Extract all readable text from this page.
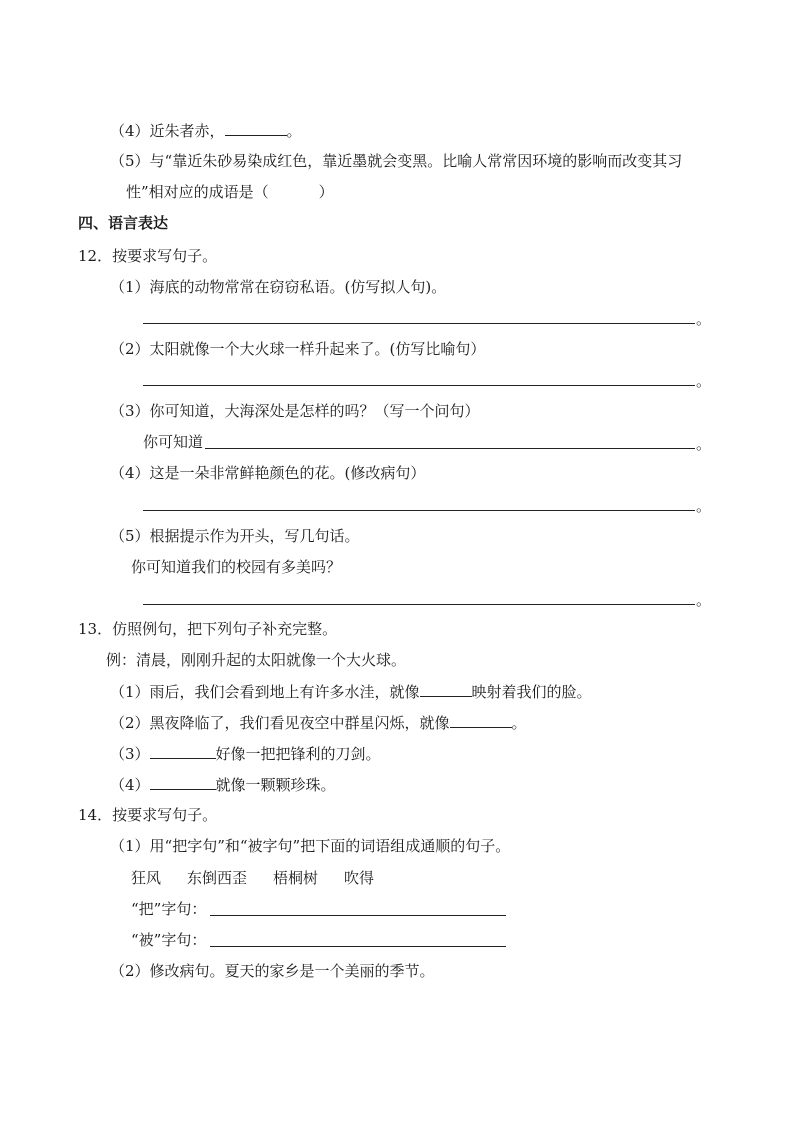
（4）近朱者赤，	。
（5）与“靠近朱砂易染成红色，靠近墨就会变黑。比喻人常常因环境的影响而改变其习
性”相对应的成语是（	）
四、语言表达
12．按要求写句子。
（1）海底的动物常常在窃窃私语。(仿写拟人句)。
。
（2）太阳就像一个大火球一样升起来了。(仿写比喻句）
。
（3）你可知道，大海深处是怎样的吗？（写一个问句）
你可知道	。
（4）这是一朵非常鲜艳颜色的花。(修改病句）
。
（5）根据提示作为开头，写几句话。
你可知道我们的校园有多美吗？
。
13．仿照例句，把下列句子补充完整。
例：清晨，刚刚升起的太阳就像一个大火球。
（1）雨后，我们会看到地上有许多水洼，就像	映射着我们的脸。
（2）黑夜降临了，我们看见夜空中群星闪烁，就像	。
（3）	好像一把把锋利的刀剑。
（4）	就像一颗颗珍珠。
14．按要求写句子。
（1）用“把字句”和“被字句”把下面的词语组成通顺的句子。
狂风 东倒西歪 梧桐树 吹得
“把”字句：
“被”字句：
（2）修改病句。夏天的家乡是一个美丽的季节。
